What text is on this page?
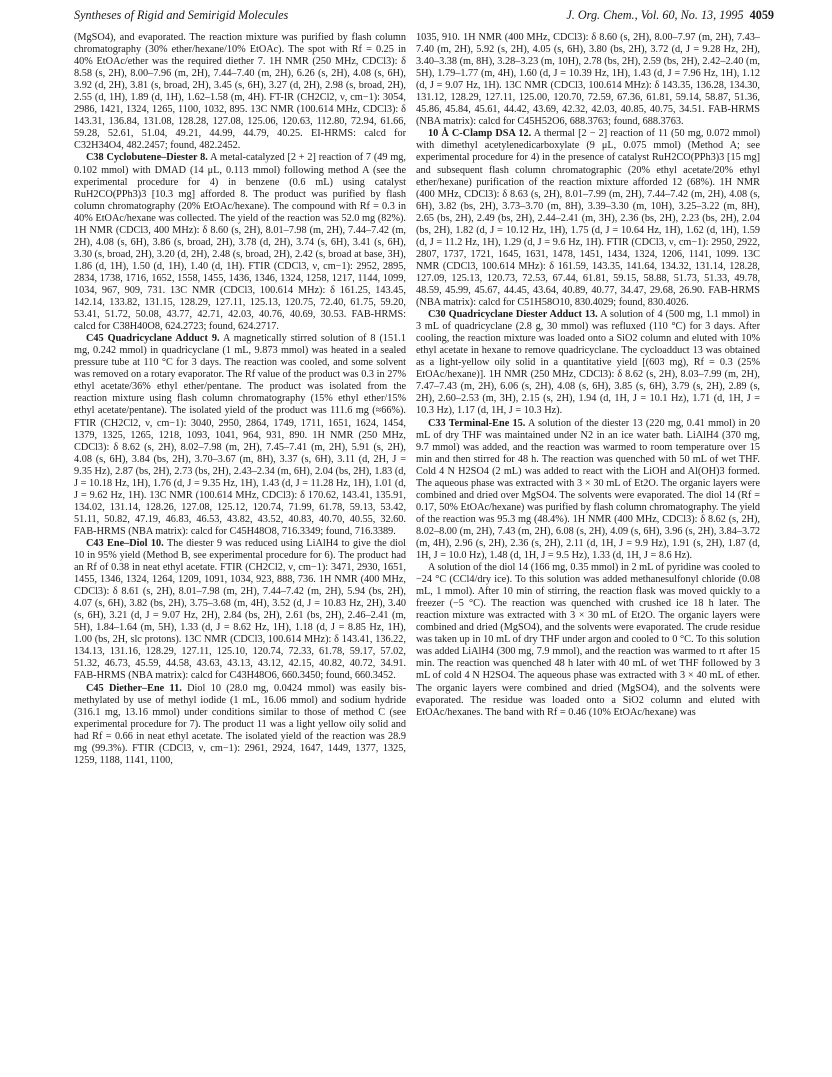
Syntheses of Rigid and Semirigid Molecules	J. Org. Chem., Vol. 60, No. 13, 1995 4059

(MgSO4), and evaporated. The reaction mixture was purified by flash column chromatography (30% ether/hexane/10% EtOAc). The spot with Rf = 0.25 in 40% EtOAc/ether was the required diether 7. 1H NMR (250 MHz, CDCl3): δ 8.58 (s, 2H), 8.00–7.96 (m, 2H), 7.44–7.40 (m, 2H), 6.26 (s, 2H), 4.08 (s, 6H), 3.92 (d, 2H), 3.81 (s, broad, 2H), 3.45 (s, 6H), 3.27 (d, 2H), 2.98 (s, broad, 2H), 2.55 (d, 1H), 1.89 (d, 1H), 1.62–1.58 (m, 4H). FT-IR (CH2Cl2, ν, cm−1): 3054, 2986, 1421, 1324, 1265, 1100, 1032, 895. 13C NMR (100.614 MHz, CDCl3): δ 143.31, 136.84, 131.08, 128.28, 127.08, 125.06, 120.63, 112.80, 72.94, 61.66, 59.28, 52.61, 51.04, 49.21, 44.99, 44.79, 40.25. EI-HRMS: calcd for C32H34O4, 482.2457; found, 482.2452.

C38 Cyclobutene–Diester 8. A metal-catalyzed [2 + 2] reaction of 7 (49 mg, 0.102 mmol) with DMAD (14 μL, 0.113 mmol) following method A (see the experimental procedure for 4) in benzene (0.6 mL) using catalyst RuH2CO(PPh3)3 [10.3 mg] afforded 8. The product was purified by flash column chromatography (20% EtOAc/hexane). The compound with Rf = 0.3 in 40% EtOAc/hexane was collected. The yield of the reaction was 52.0 mg (82%). 1H NMR (CDCl3, 400 MHz): δ 8.60 (s, 2H), 8.01–7.98 (m, 2H), 7.44–7.42 (m, 2H), 4.08 (s, 6H), 3.86 (s, broad, 2H), 3.78 (d, 2H), 3.74 (s, 6H), 3.41 (s, 6H), 3.30 (s, broad, 2H), 3.20 (d, 2H), 2.48 (s, broad, 2H), 2.42 (s, broad at base, 3H), 1.86 (d, 1H), 1.50 (d, 1H), 1.40 (d, 1H). FTIR (CDCl3, ν, cm−1): 2952, 2895, 2834, 1738, 1716, 1652, 1558, 1455, 1436, 1346, 1324, 1258, 1217, 1144, 1099, 1034, 967, 909, 731. 13C NMR (CDCl3, 100.614 MHz): δ 161.25, 143.45, 142.14, 133.82, 131.15, 128.29, 127.11, 125.13, 120.75, 72.40, 61.75, 59.20, 53.41, 51.72, 50.08, 43.77, 42.71, 42.03, 40.76, 40.69, 30.53. FAB-HRMS: calcd for C38H40O8, 624.2723; found, 624.2717.

C45 Quadricyclane Adduct 9. A magnetically stirred solution of 8 (151.1 mg, 0.242 mmol) in quadricyclane (1 mL, 9.873 mmol) was heated in a sealed pressure tube at 110 °C for 3 days. The reaction was cooled, and some solvent was removed on a rotary evaporator. The Rf value of the product was 0.3 in 27% ethyl acetate/36% ethyl ether/pentane. The product was isolated from the reaction mixture using flash column chromatography (15% ethyl ether/15% ethyl acetate/pentane). The isolated yield of the product was 111.6 mg (≈66%). FTIR (CH2Cl2, ν, cm−1): 3040, 2950, 2864, 1749, 1711, 1651, 1624, 1454, 1379, 1325, 1265, 1218, 1093, 1041, 964, 931, 890. 1H NMR (250 MHz, CDCl3): δ 8.62 (s, 2H), 8.02–7.98 (m, 2H), 7.45–7.41 (m, 2H), 5.91 (s, 2H), 4.08 (s, 6H), 3.84 (bs, 2H), 3.70–3.67 (m, 8H), 3.37 (s, 6H), 3.11 (d, 2H, J = 9.35 Hz), 2.87 (bs, 2H), 2.73 (bs, 2H), 2.43–2.34 (m, 6H), 2.04 (bs, 2H), 1.83 (d, J = 10.18 Hz, 1H), 1.76 (d, J = 9.35 Hz, 1H), 1.43 (d, J = 11.28 Hz, 1H), 1.01 (d, J = 9.62 Hz, 1H). 13C NMR (100.614 MHz, CDCl3): δ 170.62, 143.41, 135.91, 134.02, 131.14, 128.26, 127.08, 125.12, 120.74, 71.99, 61.78, 59.13, 53.42, 51.11, 50.82, 47.19, 46.83, 46.53, 43.82, 43.52, 40.83, 40.70, 40.55, 32.60. FAB-HRMS (NBA matrix): calcd for C45H48O8, 716.3349; found, 716.3389.

C43 Ene–Diol 10. The diester 9 was reduced using LiAlH4 to give the diol 10 in 95% yield (Method B, see experimental procedure for 6). The product had an Rf of 0.38 in neat ethyl acetate. FTIR (CH2Cl2, ν, cm−1): 3471, 2930, 1651, 1455, 1346, 1324, 1264, 1209, 1091, 1034, 923, 888, 736. 1H NMR (400 MHz, CDCl3): δ 8.61 (s, 2H), 8.01–7.98 (m, 2H), 7.44–7.42 (m, 2H), 5.94 (bs, 2H), 4.07 (s, 6H), 3.82 (bs, 2H), 3.75–3.68 (m, 4H), 3.52 (d, J = 10.83 Hz, 2H), 3.40 (s, 6H), 3.21 (d, J = 9.07 Hz, 2H), 2.84 (bs, 2H), 2.61 (bs, 2H), 2.46–2.41 (m, 5H), 1.84–1.64 (m, 5H), 1.33 (d, J = 8.62 Hz, 1H), 1.18 (d, J = 8.85 Hz, 1H), 1.00 (bs, 2H, slc protons). 13C NMR (CDCl3, 100.614 MHz): δ 143.41, 136.22, 134.13, 131.16, 128.29, 127.11, 125.10, 120.74, 72.33, 61.78, 59.17, 57.02, 51.32, 46.73, 45.59, 44.58, 43.63, 43.13, 43.12, 42.15, 40.82, 40.72, 34.91. FAB-HRMS (NBA matrix): calcd for C43H48O6, 660.3450; found, 660.3452.

C45 Diether–Ene 11. Diol 10 (28.0 mg, 0.0424 mmol) was easily bis-methylated by use of methyl iodide (1 mL, 16.06 mmol) and sodium hydride (316.1 mg, 13.16 mmol) under conditions similar to those of method C (see experimental procedure for 7). The product 11 was a light yellow oily solid and had Rf = 0.66 in neat ethyl acetate. The isolated yield of the reaction was 28.9 mg (99.3%). FTIR (CDCl3, ν, cm−1): 2961, 2924, 1647, 1449, 1377, 1325, 1259, 1188, 1141, 1100,

1035, 910. 1H NMR (400 MHz, CDCl3): δ 8.60 (s, 2H), 8.00–7.97 (m, 2H), 7.43–7.40 (m, 2H), 5.92 (s, 2H), 4.05 (s, 6H), 3.80 (bs, 2H), 3.72 (d, J = 9.28 Hz, 2H), 3.40–3.38 (m, 8H), 3.28–3.23 (m, 10H), 2.78 (bs, 2H), 2.59 (bs, 2H), 2.42–2.40 (m, 5H), 1.79–1.77 (m, 4H), 1.60 (d, J = 10.39 Hz, 1H), 1.43 (d, J = 7.96 Hz, 1H), 1.12 (d, J = 9.07 Hz, 1H). 13C NMR (CDCl3, 100.614 MHz): δ 143.35, 136.28, 134.30, 131.12, 128.29, 127.11, 125.00, 120.70, 72.59, 67.36, 61.81, 59.14, 58.87, 51.36, 45.86, 45.84, 45.61, 44.42, 43.69, 42.32, 42.03, 40.85, 40.75, 34.51. FAB-HRMS (NBA matrix): calcd for C45H52O6, 688.3763; found, 688.3763.

10 Å C-Clamp DSA 12. A thermal [2 − 2] reaction of 11 (50 mg, 0.072 mmol) with dimethyl acetylenedicarboxylate (9 μL, 0.075 mmol) (Method A; see experimental procedure for 4) in the presence of catalyst RuH2CO(PPh3)3 [15 mg] and subsequent flash column chromatographic (20% ethyl acetate/20% ethyl ether/hexane) purification of the reaction mixture afforded 12 (68%). 1H NMR (400 MHz, CDCl3): δ 8.63 (s, 2H), 8.01–7.99 (m, 2H), 7.44–7.42 (m, 2H), 4.08 (s, 6H), 3.82 (bs, 2H), 3.73–3.70 (m, 8H), 3.39–3.30 (m, 10H), 3.25–3.22 (m, 8H), 2.65 (bs, 2H), 2.49 (bs, 2H), 2.44–2.41 (m, 3H), 2.36 (bs, 2H), 2.23 (bs, 2H), 2.04 (bs, 2H), 1.82 (d, J = 10.12 Hz, 1H), 1.75 (d, J = 10.64 Hz, 1H), 1.62 (d, 1H), 1.59 (d, J = 11.2 Hz, 1H), 1.29 (d, J = 9.6 Hz, 1H). FTIR (CDCl3, ν, cm−1): 2950, 2922, 2807, 1737, 1721, 1645, 1631, 1478, 1451, 1434, 1324, 1206, 1141, 1099. 13C NMR (CDCl3, 100.614 MHz): δ 161.59, 143.35, 141.64, 134.32, 131.14, 128.28, 127.09, 125.13, 120.73, 72.53, 67.44, 61.81, 59.15, 58.88, 51.73, 51.33, 49.78, 48.59, 45.99, 45.67, 44.45, 43.64, 40.89, 40.77, 34.47, 29.68, 26.90. FAB-HRMS (NBA matrix): calcd for C51H58O10, 830.4029; found, 830.4026.

C30 Quadricyclane Diester Adduct 13. A solution of 4 (500 mg, 1.1 mmol) in 3 mL of quadricyclane (2.8 g, 30 mmol) was refluxed (110 °C) for 3 days. After cooling, the reaction mixture was loaded onto a SiO2 column and eluted with 10% ethyl acetate in hexane to remove quadricyclane. The cycloadduct 13 was obtained as a light-yellow oily solid in a quantitative yield [(603 mg), Rf = 0.3 (25% EtOAc/hexane)]. 1H NMR (250 MHz, CDCl3): δ 8.62 (s, 2H), 8.03–7.99 (m, 2H), 7.47–7.43 (m, 2H), 6.06 (s, 2H), 4.08 (s, 6H), 3.85 (s, 6H), 3.79 (s, 2H), 2.89 (s, 2H), 2.60–2.53 (m, 3H), 2.15 (s, 2H), 1.94 (d, 1H, J = 10.1 Hz), 1.71 (d, 1H, J = 10.3 Hz), 1.17 (d, 1H, J = 10.3 Hz).

C33 Terminal-Ene 15. A solution of the diester 13 (220 mg, 0.41 mmol) in 20 mL of dry THF was maintained under N2 in an ice water bath. LiAlH4 (370 mg, 9.7 mmol) was added, and the reaction was warmed to room temperature over 15 min and then stirred for 48 h. The reaction was quenched with 50 mL of wet THF. Cold 4 N H2SO4 (2 mL) was added to react with the LiOH and Al(OH)3 formed. The aqueous phase was extracted with 3 × 30 mL of Et2O. The organic layers were combined and dried over MgSO4. The solvents were evaporated. The diol 14 (Rf = 0.17, 50% EtOAc/hexane) was purified by flash column chromatography. The yield of the reaction was 95.3 mg (48.4%). 1H NMR (400 MHz, CDCl3): δ 8.62 (s, 2H), 8.02–8.00 (m, 2H), 7.43 (m, 2H), 6.08 (s, 2H), 4.09 (s, 6H), 3.96 (s, 2H), 3.84–3.72 (m, 4H), 2.96 (s, 2H), 2.36 (s, 2H), 2.11 (d, 1H, J = 9.9 Hz), 1.91 (s, 2H), 1.87 (d, 1H, J = 10.0 Hz), 1.48 (d, 1H, J = 9.5 Hz), 1.33 (d, 1H, J = 8.6 Hz).

A solution of the diol 14 (166 mg, 0.35 mmol) in 2 mL of pyridine was cooled to −24 °C (CCl4/dry ice). To this solution was added methanesulfonyl chloride (0.08 mL, 1 mmol). After 10 min of stirring, the reaction flask was moved quickly to a freezer (−5 °C). The reaction was quenched with crushed ice 18 h later. The reaction mixture was extracted with 3 × 30 mL of Et2O. The organic layers were combined and dried (MgSO4), and the solvents were evaporated. The crude residue was taken up in 10 mL of dry THF under argon and cooled to 0 °C. To this solution was added LiAlH4 (300 mg, 7.9 mmol), and the reaction was warmed to rt after 15 min. The reaction was quenched 48 h later with 40 mL of wet THF followed by 3 mL of cold 4 N H2SO4. The aqueous phase was extracted with 3 × 40 mL of ether. The organic layers were combined and dried (MgSO4), and the solvents were evaporated. The residue was loaded onto a SiO2 column and eluted with EtOAc/hexanes. The band with Rf = 0.46 (10% EtOAc/hexane) was
